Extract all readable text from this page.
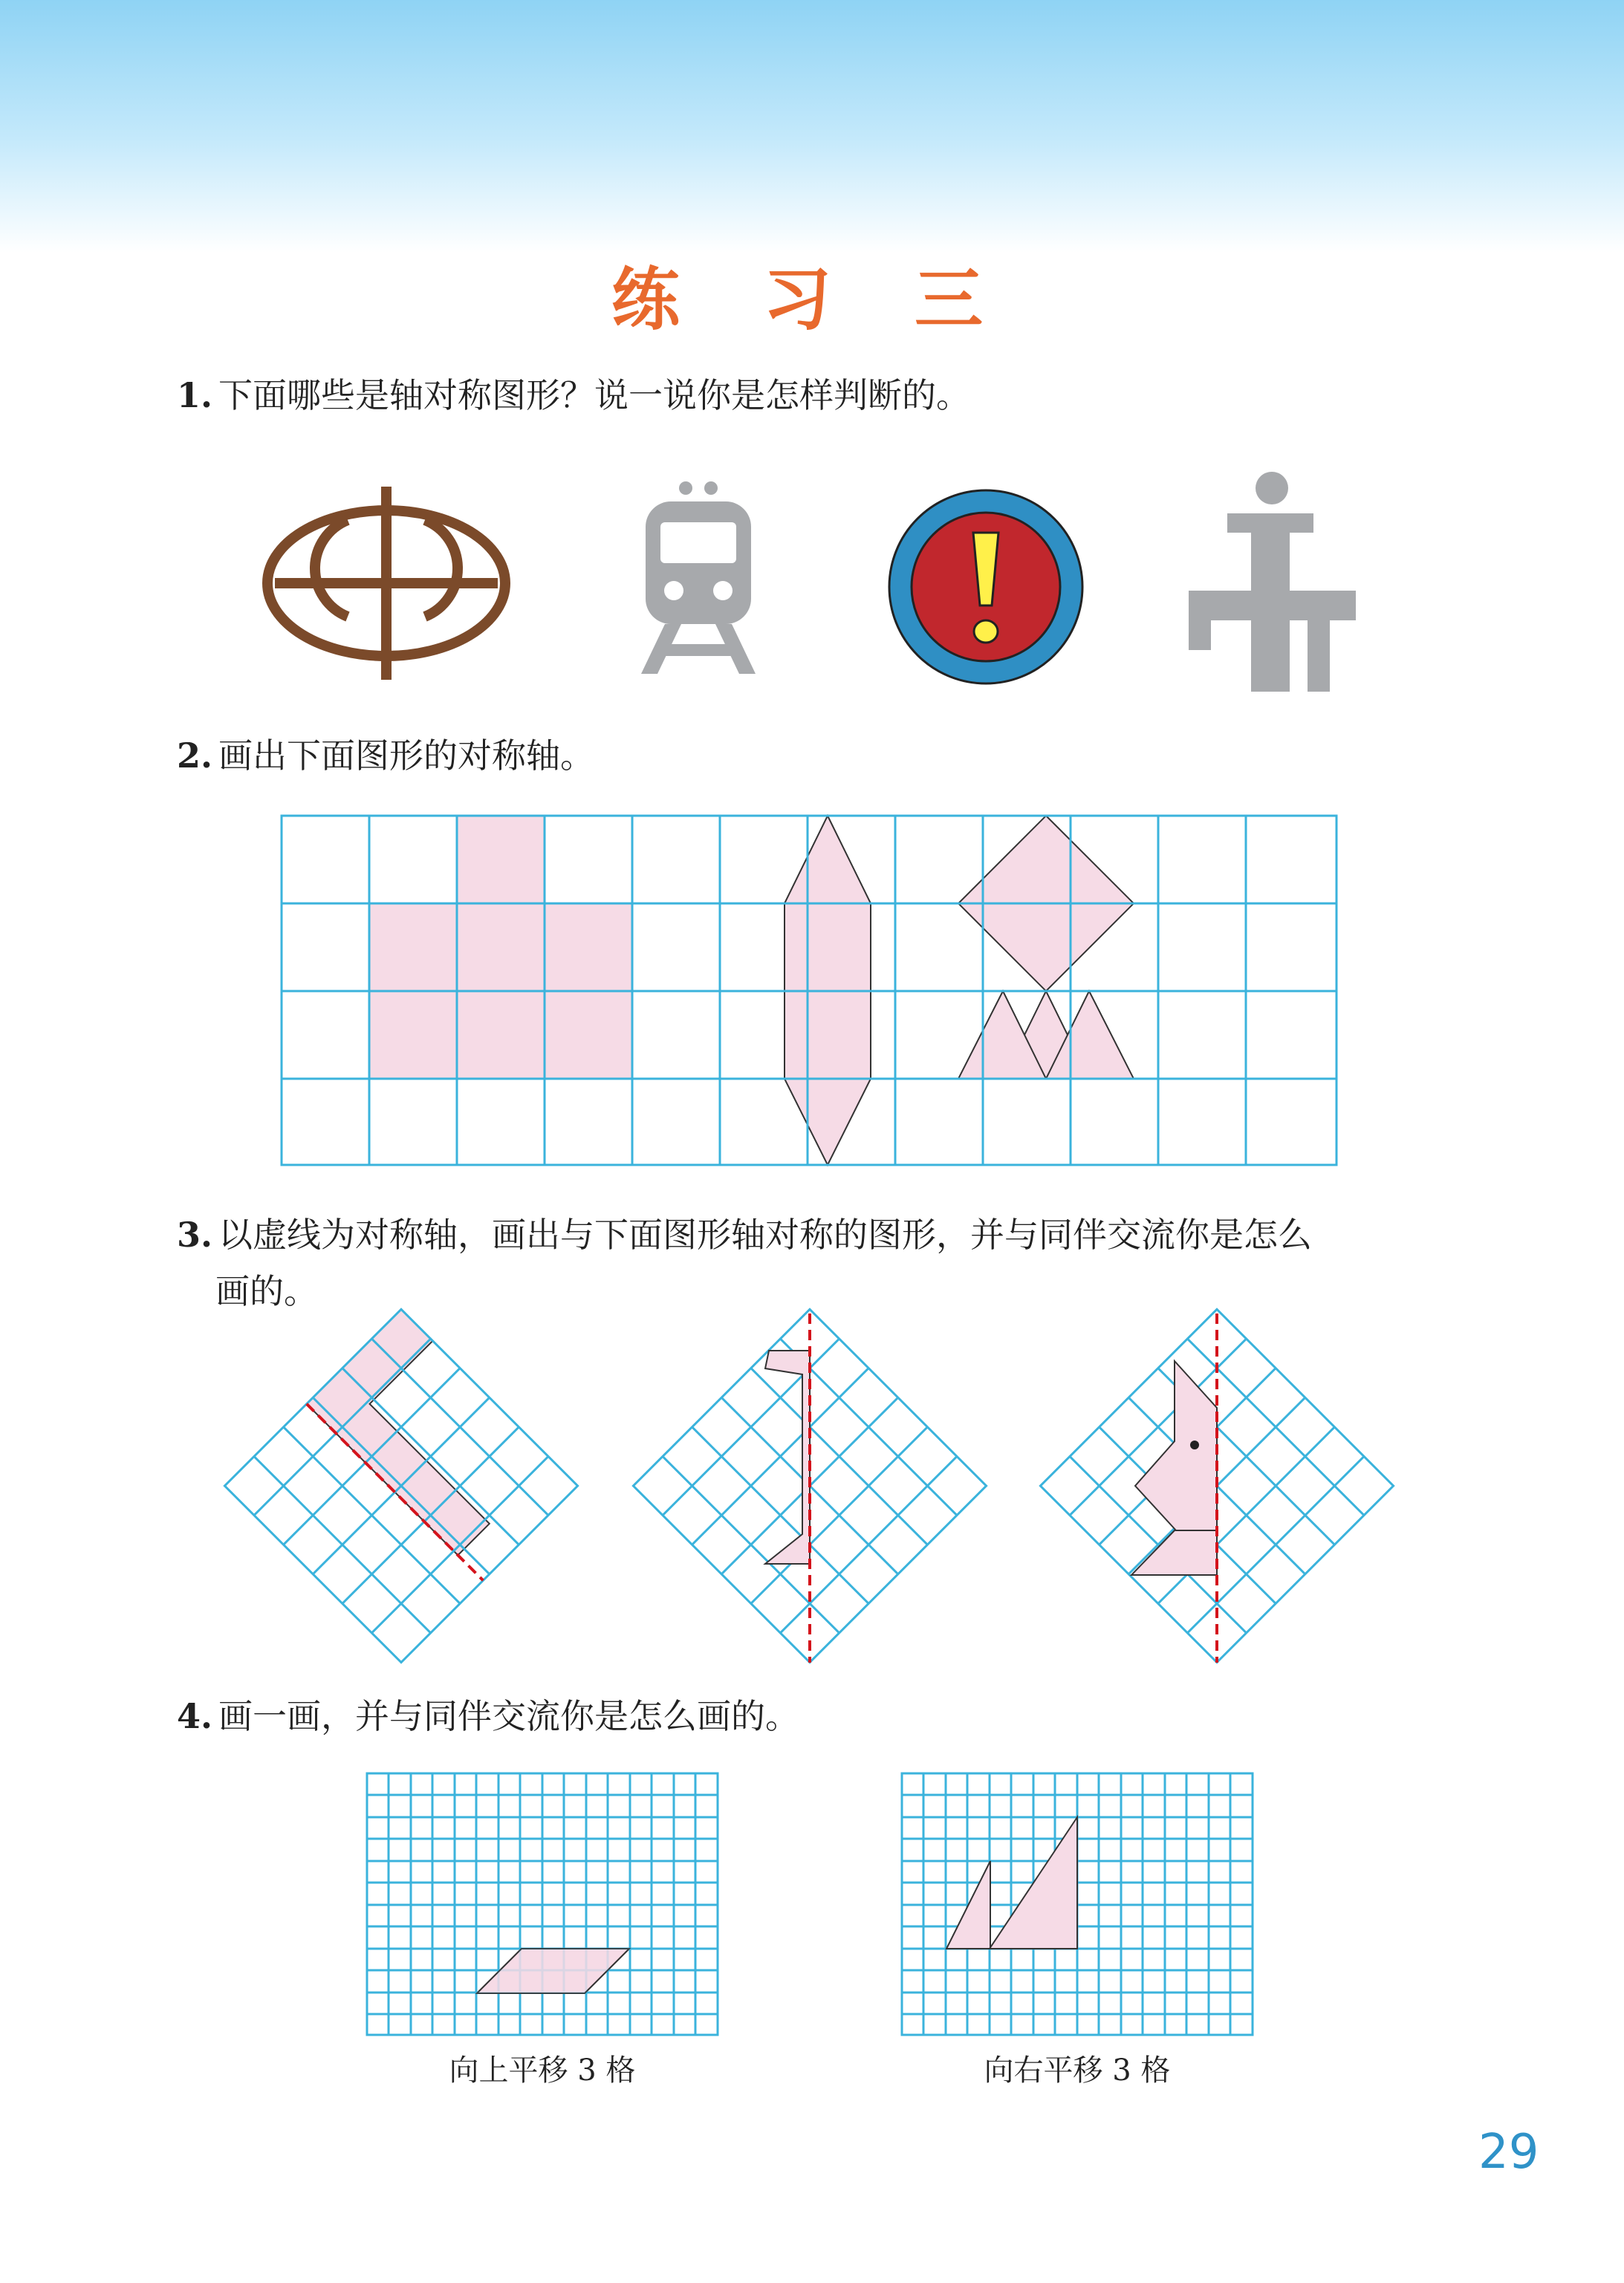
练 习 三
1. 下面哪些是轴对称图形？说一说你是怎样判断的。
2. 画出下面图形的对称轴。
3. 以虚线为对称轴，画出与下面图形轴对称的图形，并与同伴交流你是怎么
画的。
4. 画一画，并与同伴交流你是怎么画的。
向上平移 3 格	向右平移 3 格
29
